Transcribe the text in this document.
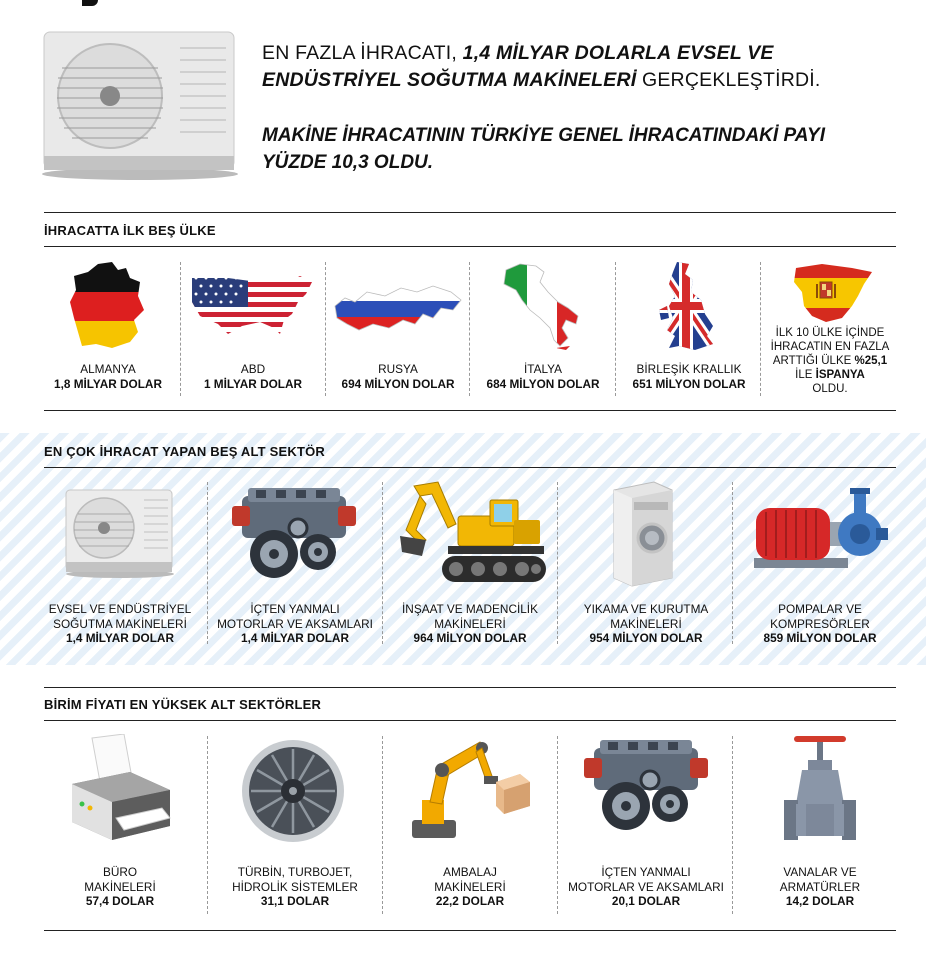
EN FAZLA İHRACATI, 1,4 MİLYAR DOLARLA EVSEL VE
ENDÜSTRİYEL SOĞUTMA MAKİNELERİ GERÇEKLEŞTİRDİ.
MAKİNE İHRACATININ TÜRKİYE GENEL İHRACATINDAKİ PAYI YÜZDE 10,3 OLDU.
İHRACATTA İLK BEŞ ÜLKE
ALMANYA
1,8 MİLYAR DOLAR
ABD
1 MİLYAR DOLAR
RUSYA
694 MİLYON DOLAR
İTALYA
684 MİLYON DOLAR
BİRLEŞİK KRALLIK
651 MİLYON DOLAR
İLK 10 ÜLKE İÇİNDE
İHRACATIN EN FAZLA
ARTTIĞI ÜLKE %25,1
İLE İSPANYA
OLDU.
EN ÇOK İHRACAT YAPAN BEŞ ALT SEKTÖR
EVSEL VE ENDÜSTRİYEL
SOĞUTMA MAKİNELERİ
1,4 MİLYAR DOLAR
İÇTEN YANMALI
MOTORLAR VE AKSAMLARI
1,4 MİLYAR DOLAR
İNŞAAT VE MADENCİLİK
MAKİNELERİ
964 MİLYON DOLAR
YIKAMA VE KURUTMA
MAKİNELERİ
954 MİLYON DOLAR
POMPALAR VE
KOMPRESÖRLER
859 MİLYON DOLAR
BİRİM FİYATI EN YÜKSEK ALT SEKTÖRLER
BÜRO
MAKİNELERİ
57,4 DOLAR
TÜRBİN, TURBOJET,
HİDROLİK SİSTEMLER
31,1 DOLAR
AMBALAJ
MAKİNELERİ
22,2 DOLAR
İÇTEN YANMALI
MOTORLAR VE AKSAMLARI
20,1 DOLAR
VANALAR VE
ARMATÜRLER
14,2 DOLAR
